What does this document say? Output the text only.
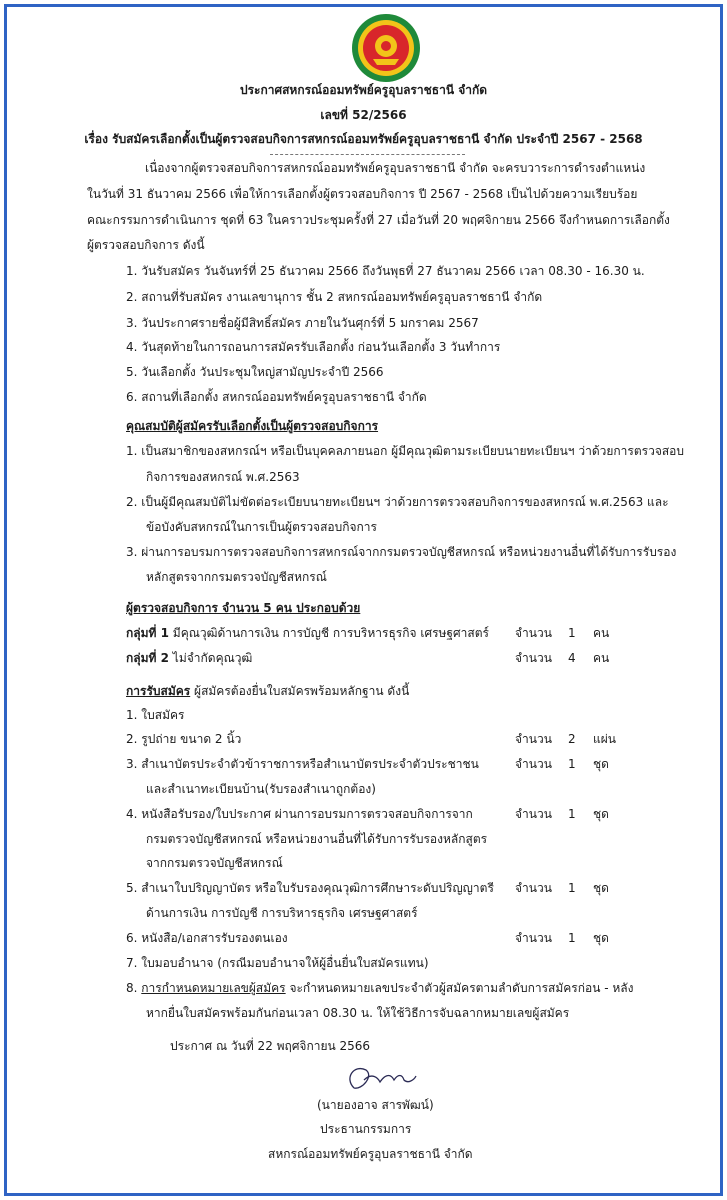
ประกาศสหกรณ์ออมทรัพย์ครูอุบลราชธานี จำกัด
เลขที่ 52/2566
เรื่อง รับสมัครเลือกตั้งเป็นผู้ตรวจสอบกิจการสหกรณ์ออมทรัพย์ครูอุบลราชธานี จำกัด ประจำปี 2567 - 2568
เนื่องจากผู้ตรวจสอบกิจการสหกรณ์ออมทรัพย์ครูอุบลราชธานี จำกัด จะครบวาระการดำรงตำแหน่ง
ในวันที่ 31 ธันวาคม 2566 เพื่อให้การเลือกตั้งผู้ตรวจสอบกิจการ ปี 2567 - 2568 เป็นไปด้วยความเรียบร้อย
คณะกรรมการดำเนินการ ชุดที่ 63 ในคราวประชุมครั้งที่ 27 เมื่อวันที่ 20 พฤศจิกายน 2566 จึงกำหนดการเลือกตั้ง
ผู้ตรวจสอบกิจการ ดังนี้
1. วันรับสมัคร วันจันทร์ที่ 25 ธันวาคม 2566 ถึงวันพุธที่ 27 ธันวาคม 2566 เวลา 08.30 - 16.30 น.
2. สถานที่รับสมัคร งานเลขานุการ ชั้น 2 สหกรณ์ออมทรัพย์ครูอุบลราชธานี จำกัด
3. วันประกาศรายชื่อผู้มีสิทธิ์สมัคร ภายในวันศุกร์ที่ 5 มกราคม 2567
4. วันสุดท้ายในการถอนการสมัครรับเลือกตั้ง ก่อนวันเลือกตั้ง 3 วันทำการ
5. วันเลือกตั้ง วันประชุมใหญ่สามัญประจำปี 2566
6. สถานที่เลือกตั้ง สหกรณ์ออมทรัพย์ครูอุบลราชธานี จำกัด
คุณสมบัติผู้สมัครรับเลือกตั้งเป็นผู้ตรวจสอบกิจการ
1. เป็นสมาชิกของสหกรณ์ฯ หรือเป็นบุคคลภายนอก ผู้มีคุณวุฒิตามระเบียบนายทะเบียนฯ ว่าด้วยการตรวจสอบ
กิจการของสหกรณ์ พ.ศ.2563
2. เป็นผู้มีคุณสมบัติไม่ขัดต่อระเบียบนายทะเบียนฯ ว่าด้วยการตรวจสอบกิจการของสหกรณ์ พ.ศ.2563 และ
ข้อบังคับสหกรณ์ในการเป็นผู้ตรวจสอบกิจการ
3. ผ่านการอบรมการตรวจสอบกิจการสหกรณ์จากกรมตรวจบัญชีสหกรณ์ หรือหน่วยงานอื่นที่ได้รับการรับรอง
หลักสูตรจากกรมตรวจบัญชีสหกรณ์
ผู้ตรวจสอบกิจการ จำนวน 5 คน ประกอบด้วย
กลุ่มที่ 1 มีคุณวุฒิด้านการเงิน การบัญชี การบริหารธุรกิจ เศรษฐศาสตร์ จำนวน 1 คน
กลุ่มที่ 2 ไม่จำกัดคุณวุฒิ	จำนวน 4 คน
การรับสมัคร ผู้สมัครต้องยื่นใบสมัครพร้อมหลักฐาน ดังนี้
1. ใบสมัคร
2. รูปถ่าย ขนาด 2 นิ้ว	จำนวน 2 แผ่น
3. สำเนาบัตรประจำตัวข้าราชการหรือสำเนาบัตรประจำตัวประชาชน
และสำเนาทะเบียนบ้าน(รับรองสำเนาถูกต้อง)
จำนวน 1 ชุด
4. หนังสือรับรอง/ใบประกาศ ผ่านการอบรมการตรวจสอบกิจการจาก
กรมตรวจบัญชีสหกรณ์ หรือหน่วยงานอื่นที่ได้รับการรับรองหลักสูตร
จากกรมตรวจบัญชีสหกรณ์
จำนวน 1 ชุด
5. สำเนาใบปริญญาบัตร หรือใบรับรองคุณวุฒิการศึกษาระดับปริญญาตรี
ด้านการเงิน การบัญชี การบริหารธุรกิจ เศรษฐศาสตร์
จำนวน 1 ชุด
6. หนังสือ/เอกสารรับรองตนเอง	จำนวน 1 ชุด
7. ใบมอบอำนาจ (กรณีมอบอำนาจให้ผู้อื่นยื่นใบสมัครแทน)
8. การกำหนดหมายเลขผู้สมัคร จะกำหนดหมายเลขประจำตัวผู้สมัครตามลำดับการสมัครก่อน - หลัง
หากยื่นใบสมัครพร้อมกันก่อนเวลา 08.30 น. ให้ใช้วิธีการจับฉลากหมายเลขผู้สมัคร
ประกาศ ณ วันที่ 22 พฤศจิกายน 2566
(นายองอาจ สารพัฒน์)
ประธานกรรมการ
สหกรณ์ออมทรัพย์ครูอุบลราชธานี จำกัด
